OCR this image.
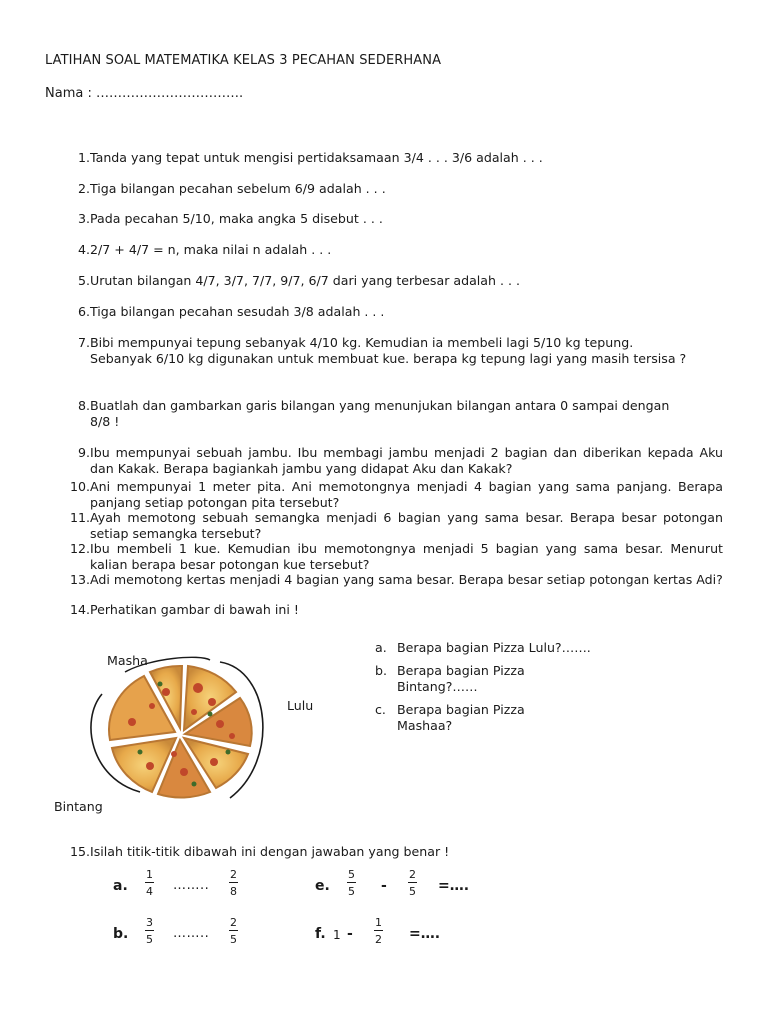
LATIHAN SOAL MATEMATIKA KELAS 3 PECAHAN SEDERHANA
Nama : …………………………….
1. Tanda yang tepat untuk mengisi pertidaksamaan 3/4 . . . 3/6 adalah . . .
2. Tiga bilangan pecahan sebelum 6/9 adalah . . .
3. Pada pecahan 5/10, maka angka 5 disebut . . .
4. 2/7 + 4/7 = n, maka nilai n adalah . . .
5. Urutan bilangan 4/7, 3/7, 7/7, 9/7, 6/7 dari yang terbesar adalah . . .
6. Tiga bilangan pecahan sesudah 3/8 adalah . . .
7. Bibi mempunyai tepung sebanyak 4/10 kg. Kemudian ia membeli lagi 5/10 kg tepung. Sebanyak 6/10 kg digunakan untuk membuat kue. berapa kg tepung lagi yang masih tersisa ?
8. Buatlah dan gambarkan garis bilangan yang menunjukan bilangan antara 0 sampai dengan 8/8 !
9. Ibu mempunyai sebuah jambu. Ibu membagi jambu menjadi 2 bagian dan diberikan kepada Aku dan Kakak. Berapa bagiankah jambu yang didapat Aku dan Kakak?
10. Ani mempunyai 1 meter pita. Ani memotongnya menjadi 4 bagian yang sama panjang. Berapa panjang setiap potongan pita tersebut?
11. Ayah memotong sebuah semangka menjadi 6 bagian yang sama besar. Berapa besar potongan setiap semangka tersebut?
12. Ibu membeli 1 kue. Kemudian ibu memotongnya menjadi 5 bagian yang sama besar. Menurut kalian berapa besar potongan kue tersebut?
13. Adi memotong kertas menjadi 4 bagian yang sama besar. Berapa besar setiap potongan kertas Adi?
14. Perhatikan gambar di bawah ini !
Masha
Lulu
Bintang
a. Berapa bagian Pizza Lulu?…….
b. Berapa bagian Pizza Bintang?……
c. Berapa bagian Pizza Mashaa?
15. Isilah titik-titik dibawah ini dengan jawaban yang benar !
a. $\frac{1}{4}$ …….. $\frac{2}{8}$
b. $\frac{3}{5}$ …….. $\frac{2}{5}$
e. $\frac{5}{5} - \frac{2}{5}$ =….
f. $1 - \frac{1}{2}$ =….
